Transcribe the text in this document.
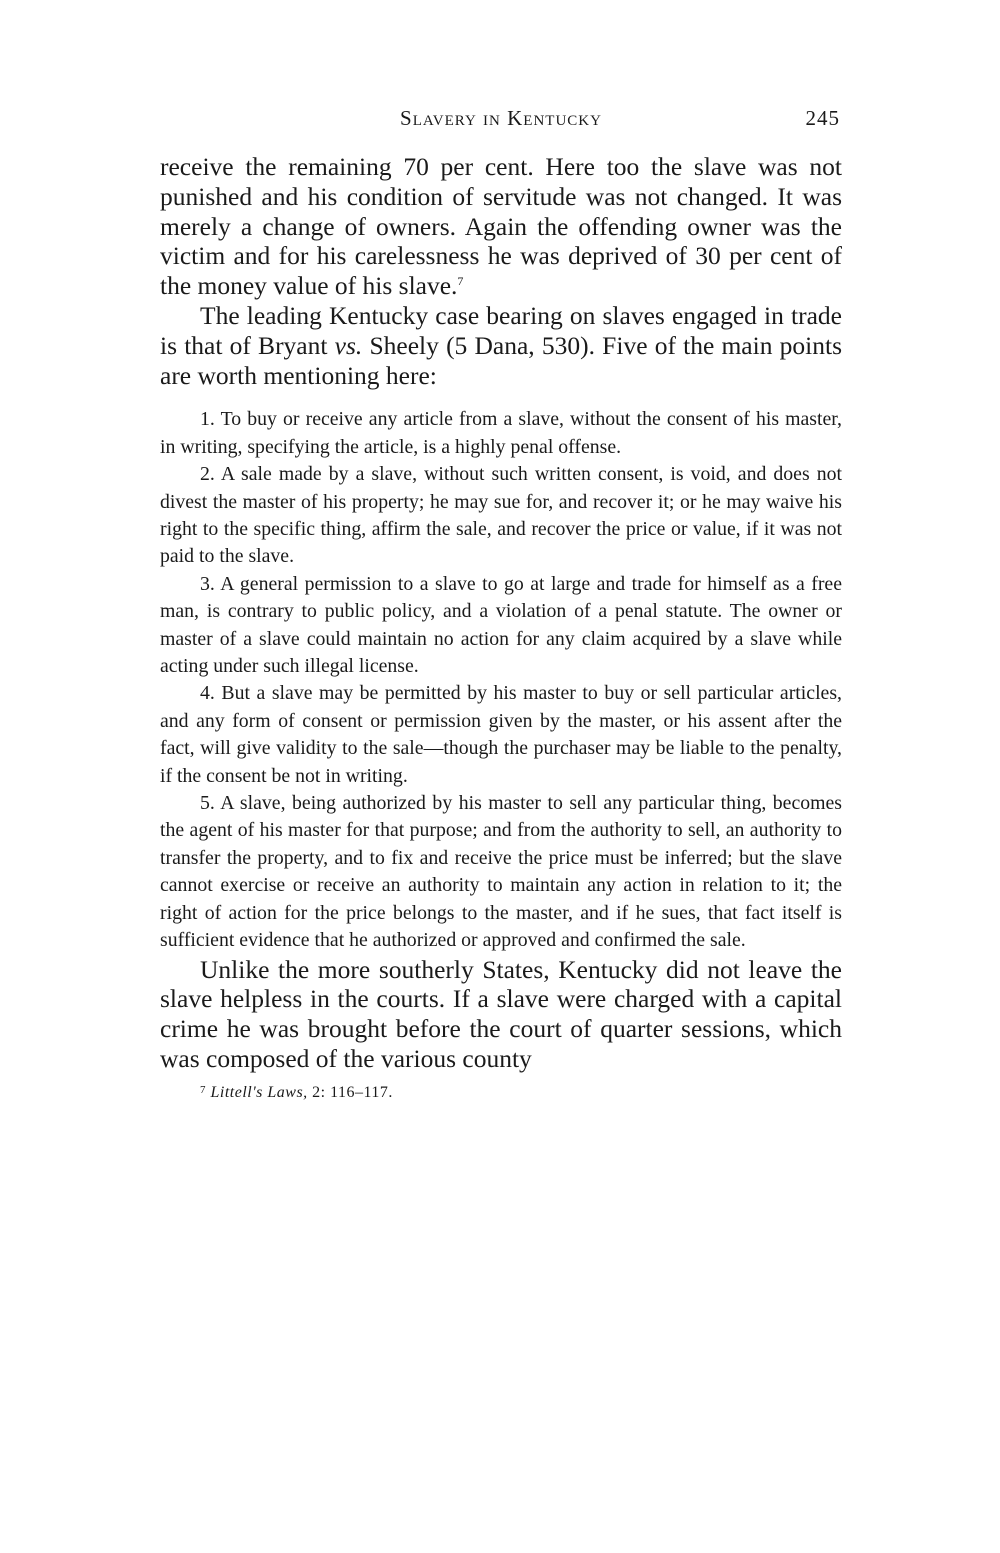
Slavery in Kentucky	245

receive the remaining 70 per cent. Here too the slave was not punished and his condition of servitude was not changed. It was merely a change of owners. Again the offending owner was the victim and for his carelessness he was deprived of 30 per cent of the money value of his slave.$^7$

The leading Kentucky case bearing on slaves engaged in trade is that of Bryant vs. Sheely (5 Dana, 530). Five of the main points are worth mentioning here:

1. To buy or receive any article from a slave, without the consent of his master, in writing, specifying the article, is a highly penal offense.

2. A sale made by a slave, without such written consent, is void, and does not divest the master of his property; he may sue for, and recover it; or he may waive his right to the specific thing, affirm the sale, and recover the price or value, if it was not paid to the slave.

3. A general permission to a slave to go at large and trade for himself as a free man, is contrary to public policy, and a violation of a penal statute. The owner or master of a slave could maintain no action for any claim acquired by a slave while acting under such illegal license.

4. But a slave may be permitted by his master to buy or sell particular articles, and any form of consent or permission given by the master, or his assent after the fact, will give validity to the sale—though the purchaser may be liable to the penalty, if the consent be not in writing.

5. A slave, being authorized by his master to sell any particular thing, becomes the agent of his master for that purpose; and from the authority to sell, an authority to transfer the property, and to fix and receive the price must be inferred; but the slave cannot exercise or receive an authority to maintain any action in relation to it; the right of action for the price belongs to the master, and if he sues, that fact itself is sufficient evidence that he authorized or approved and confirmed the sale.

Unlike the more southerly States, Kentucky did not leave the slave helpless in the courts. If a slave were charged with a capital crime he was brought before the court of quarter sessions, which was composed of the various county

$^7$ Littell's Laws, 2: 116–117.
